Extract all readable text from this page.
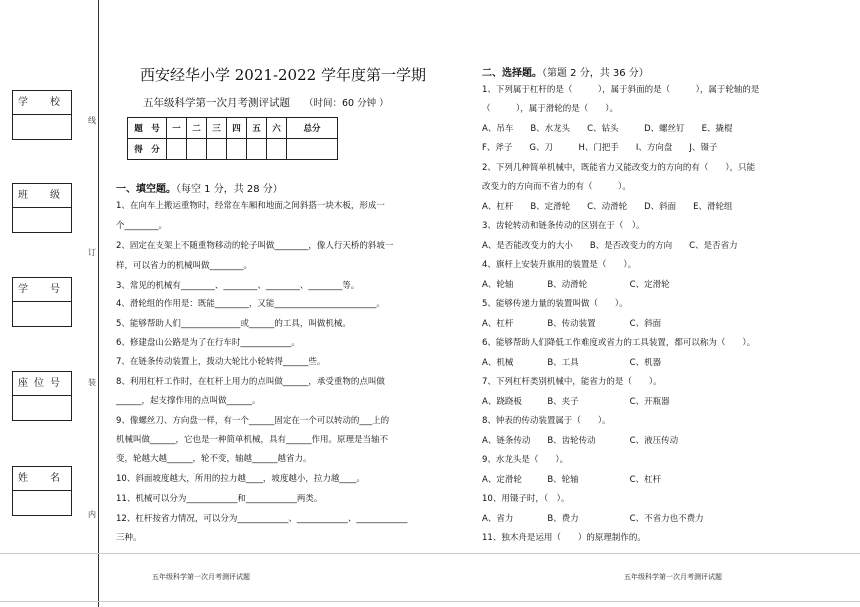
学　校
班　级
学　号
座位号
姓　名
线
订
装
内
西安经华小学 2021-2022 学年度第一学期
五年级科学第一次月考测评试题 （时间：60 分钟 ）
题　号	一	二	三	四	五	六	总分
得　分							
一、填空题。（每空 1 分，共 28 分）
1、在向车上搬运重物时，经常在车厢和地面之间斜搭一块木板，形成一
个________。
2、固定在支架上不随重物移动的轮子叫做________，像人行天桥的斜坡一
样，可以省力的机械叫做________。
3、常见的机械有________、________、________、________等。
4、滑轮组的作用是：既能________，又能________________________。
5、能够帮助人们______________或______的工具，叫做机械。
6、修建盘山公路是为了在行车时____________。
7、在链条传动装置上，拨动大轮比小轮转得______些。
8、利用杠杆工作时，在杠杆上用力的点叫做______，承受重物的点叫做
______，起支撑作用的点叫做______。
9、像螺丝刀、方向盘一样，有一个______固定在一个可以转动的___上的
机械叫做______，它也是一种简单机械，具有______作用。原理是当轴不
变，轮越大越______，轮不变，轴越______越省力。
10、斜面坡度越大，所用的拉力越____，坡度越小，拉力越____。
11、机械可以分为____________和____________两类。
12、杠杆按省力情况，可以分为____________、____________、____________
三种。
五年级科学第一次月考测评试题
二、选择题。（第题 2 分，共 36 分）
1、下列属于杠杆的是（　　　），属于斜面的是（　　　），属于轮轴的是
（　　　），属于滑轮的是（　　）。
A、吊车　　B、水龙头　　C、钻头　　　D、螺丝钉　　E、撬棍
F、斧子　　G、刀　　　H、门把手　　I、方向盘　　J、镊子
2、下列几种简单机械中，既能省力又能改变力的方向的有（　　），只能
改变力的方向而不省力的有（　　　）。
A、杠杆　　B、定滑轮　　C、动滑轮　　D、斜面　　E、滑轮组
3、齿轮转动和链条传动的区别在于（　）。
A、是否能改变力的大小　　B、是否改变力的方向　　C、是否省力
4、旗杆上安装升旗用的装置是（　　）。
A、轮轴　　　　B、动滑轮　　　　　C、定滑轮
5、能够传递力量的装置叫做（　　）。
A、杠杆　　　　B、传动装置　　　　C、斜面
6、能够帮助人们降低工作难度或省力的工具装置，都可以称为（　　）。
A、机械　　　　B、工具　　　　　　C、机器
7、下列杠杆类别机械中，能省力的是（　　）。
A、跷跷板　　　B、夹子　　　　　　C、开瓶器
8、钟表的传动装置属于（　　）。
A、链条传动　　B、齿轮传动　　　　C、液压传动
9、水龙头是（　　）。
A、定滑轮　　　B、轮轴　　　　　　C、杠杆
10、用镊子时，（　）。
A、省力　　　　B、费力　　　　　　C、不省力也不费力
11、独木舟是运用（　　）的原理制作的。
五年级科学第一次月考测评试题
